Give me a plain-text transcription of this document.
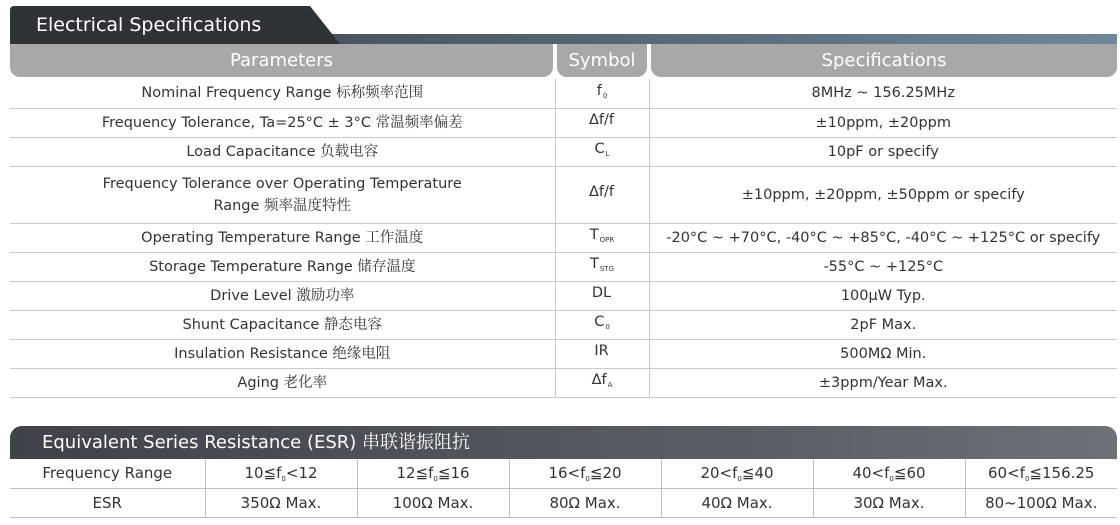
Electrical Specifications
Parameters	Symbol	Specifications
Nominal Frequency Range 标称频率范围	$f_0$	8MHz ~ 156.25MHz
Frequency Tolerance, Ta=25°C ± 3°C 常温频率偏差	Δf/f	±10ppm, ±20ppm
Load Capacitance 负载电容	$C_L$	10pF or specify
Frequency Tolerance over Operating Temperature Range 频率温度特性	Δf/f	±10ppm, ±20ppm, ±50ppm or specify
Operating Temperature Range 工作温度	$T_{OPR}$	-20°C ~ +70°C, -40°C ~ +85°C, -40°C ~ +125°C or specify
Storage Temperature Range 储存温度	$T_{STG}$	-55°C ~ +125°C
Drive Level 激励功率	DL	100μW Typ.
Shunt Capacitance 静态电容	$C_0$	2pF Max.
Insulation Resistance 绝缘电阻	IR	500MΩ Min.
Aging 老化率	$\Delta f_A$	±3ppm/Year Max.
Equivalent Series Resistance (ESR) 串联谐振阻抗
Frequency Range	$10≦f_0<12$	$12≦f_0≦16$	$16<f_0≦20$	$20<f_0≦40$	$40<f_0≦60$	$60<f_0≦156.25$
ESR	350Ω Max.	100Ω Max.	80Ω Max.	40Ω Max.	30Ω Max.	80~100Ω Max.
